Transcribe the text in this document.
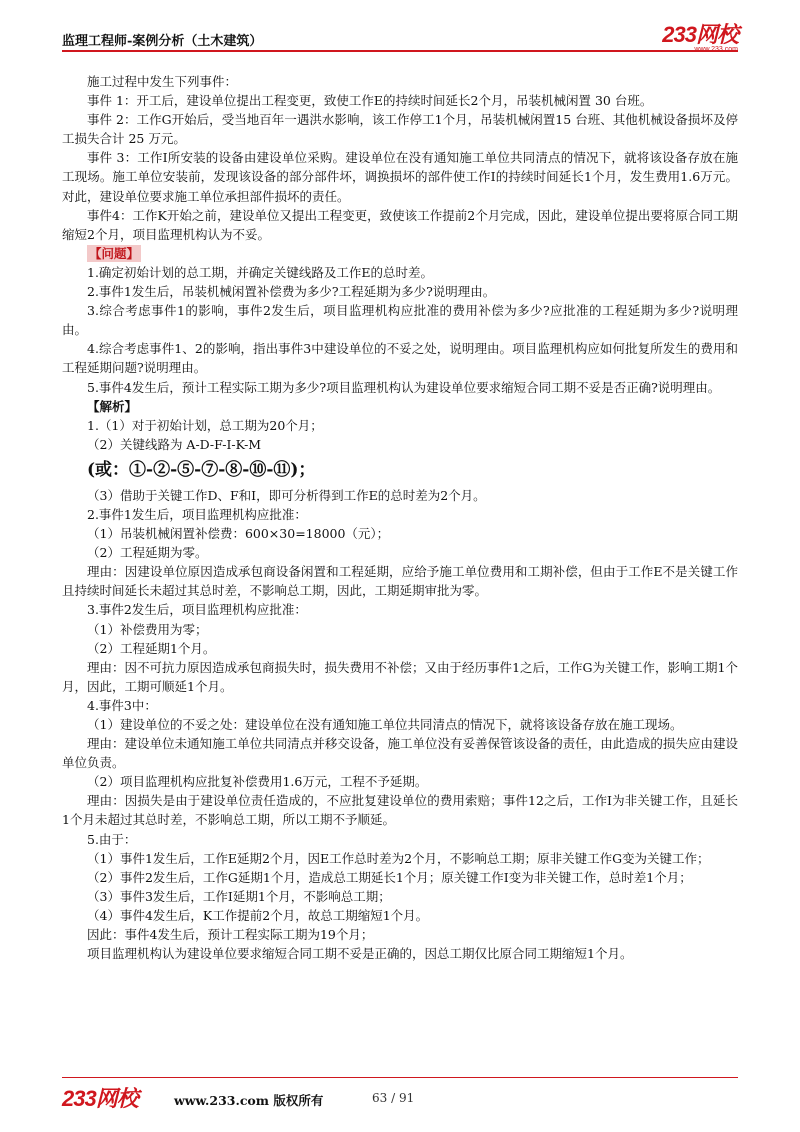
监理工程师-案例分析（土木建筑）	233网校

施工过程中发生下列事件：

事件 1：开工后，建设单位提出工程变更，致使工作E的持续时间延长2个月，吊装机械闲置 30 台班。

事件 2：工作G开始后，受当地百年一遇洪水影响，该工作停工1个月，吊装机械闲置15 台班、其他机械设备损坏及停工损失合计 25 万元。

事件 3：工作I所安装的设备由建设单位采购。建设单位在没有通知施工单位共同清点的情况下，就将该设备存放在施工现场。施工单位安装前，发现该设备的部分部件坏，调换损坏的部件使工作I的持续时间延长1个月，发生费用1.6万元。对此，建设单位要求施工单位承担部件损坏的责任。

事件4：工作K开始之前，建设单位又提出工程变更，致使该工作提前2个月完成，因此，建设单位提出要将原合同工期缩短2个月，项目监理机构认为不妥。

【问题】

1.确定初始计划的总工期，并确定关键线路及工作E的总时差。

2.事件1发生后，吊装机械闲置补偿费为多少?工程延期为多少?说明理由。

3.综合考虑事件1的影响，事件2发生后，项目监理机构应批准的费用补偿为多少?应批准的工程延期为多少?说明理由。

4.综合考虑事件1、2的影响，指出事件3中建设单位的不妥之处，说明理由。项目监理机构应如何批复所发生的费用和工程延期问题?说明理由。

5.事件4发生后，预计工程实际工期为多少?项目监理机构认为建设单位要求缩短合同工期不妥是否正确?说明理由。

【解析】

1.（1）对于初始计划，总工期为20个月；

（2）关键线路为 A-D-F-I-K-M

(或：①-②-⑤-⑦-⑧-⑩-⑪)；

（3）借助于关键工作D、F和I，即可分析得到工作E的总时差为2个月。

2.事件1发生后，项目监理机构应批准：

（1）吊装机械闲置补偿费：600×30=18000（元）；

（2）工程延期为零。

理由：因建设单位原因造成承包商设备闲置和工程延期，应给予施工单位费用和工期补偿，但由于工作E不是关键工作且持续时间延长未超过其总时差，不影响总工期，因此，工期延期审批为零。

3.事件2发生后，项目监理机构应批准：

（1）补偿费用为零；

（2）工程延期1个月。

理由：因不可抗力原因造成承包商损失时，损失费用不补偿；又由于经历事件1之后，工作G为关键工作，影响工期1个月，因此，工期可顺延1个月。

4.事件3中：

（1）建设单位的不妥之处：建设单位在没有通知施工单位共同清点的情况下，就将该设备存放在施工现场。

理由：建设单位未通知施工单位共同清点并移交设备，施工单位没有妥善保管该设备的责任，由此造成的损失应由建设单位负责。

（2）项目监理机构应批复补偿费用1.6万元，工程不予延期。

理由：因损失是由于建设单位责任造成的，不应批复建设单位的费用索赔；事件12之后，工作I为非关键工作，且延长1个月未超过其总时差，不影响总工期，所以工期不予顺延。

5.由于：

（1）事件1发生后，工作E延期2个月，因E工作总时差为2个月，不影响总工期；原非关键工作G变为关键工作；

（2）事件2发生后，工作G延期1个月，造成总工期延长1个月；原关键工作I变为非关键工作，总时差1个月；

（3）事件3发生后，工作I延期1个月，不影响总工期；

（4）事件4发生后，K工作提前2个月，故总工期缩短1个月。

因此：事件4发生后，预计工程实际工期为19个月；

项目监理机构认为建设单位要求缩短合同工期不妥是正确的，因总工期仅比原合同工期缩短1个月。

233网校	www.233.com 版权所有	63 / 91
